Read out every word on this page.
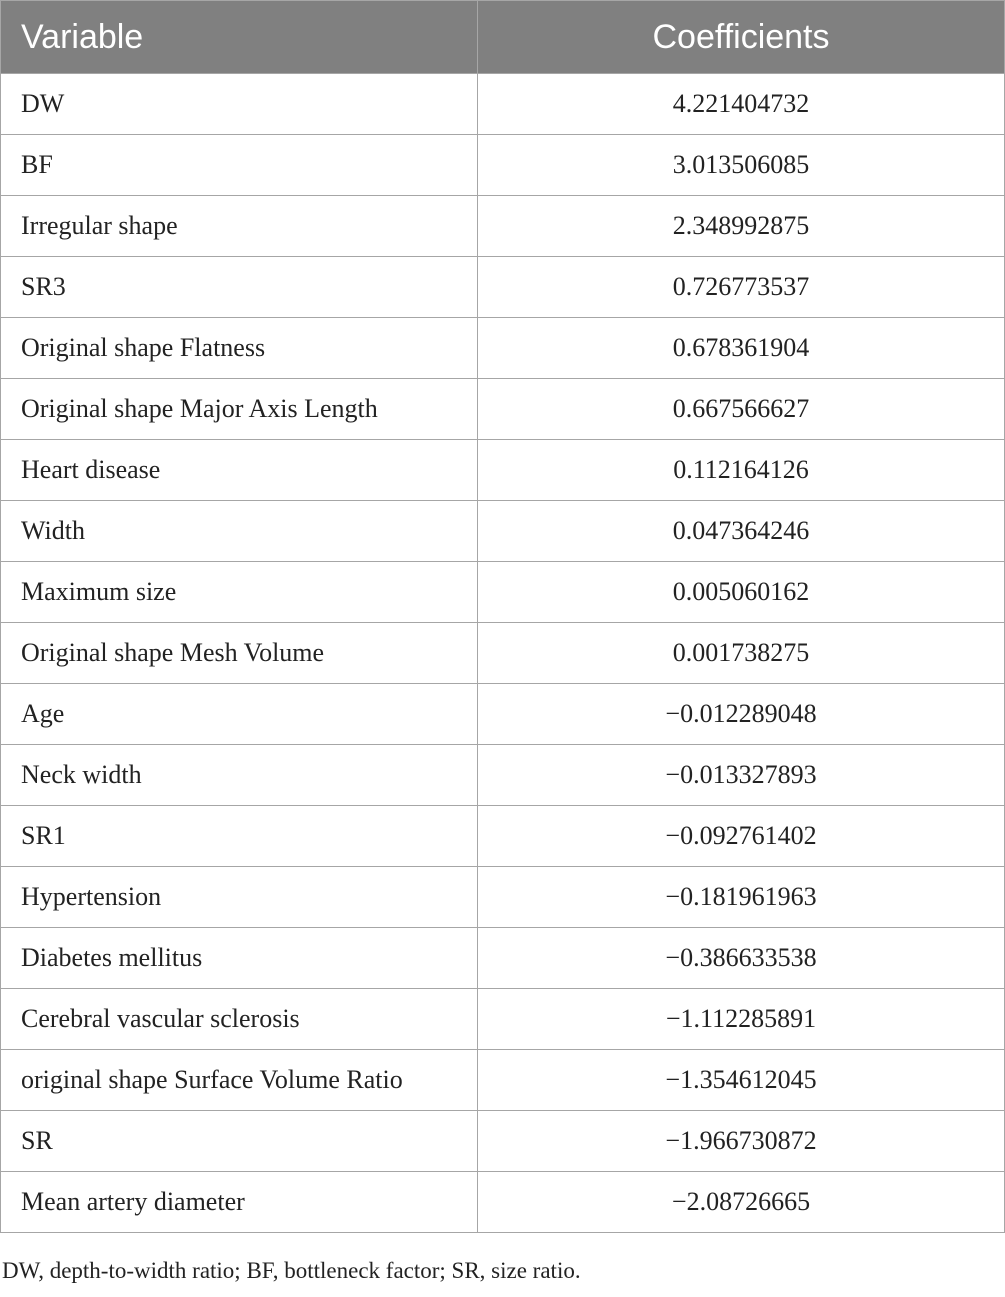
Variable	Coefficients
DW	4.221404732
BF	3.013506085
Irregular shape	2.348992875
SR3	0.726773537
Original shape Flatness	0.678361904
Original shape Major Axis Length	0.667566627
Heart disease	0.112164126
Width	0.047364246
Maximum size	0.005060162
Original shape Mesh Volume	0.001738275
Age	−0.012289048
Neck width	−0.013327893
SR1	−0.092761402
Hypertension	−0.181961963
Diabetes mellitus	−0.386633538
Cerebral vascular sclerosis	−1.112285891
original shape Surface Volume Ratio	−1.354612045
SR	−1.966730872
Mean artery diameter	−2.08726665
DW, depth-to-width ratio; BF, bottleneck factor; SR, size ratio.
